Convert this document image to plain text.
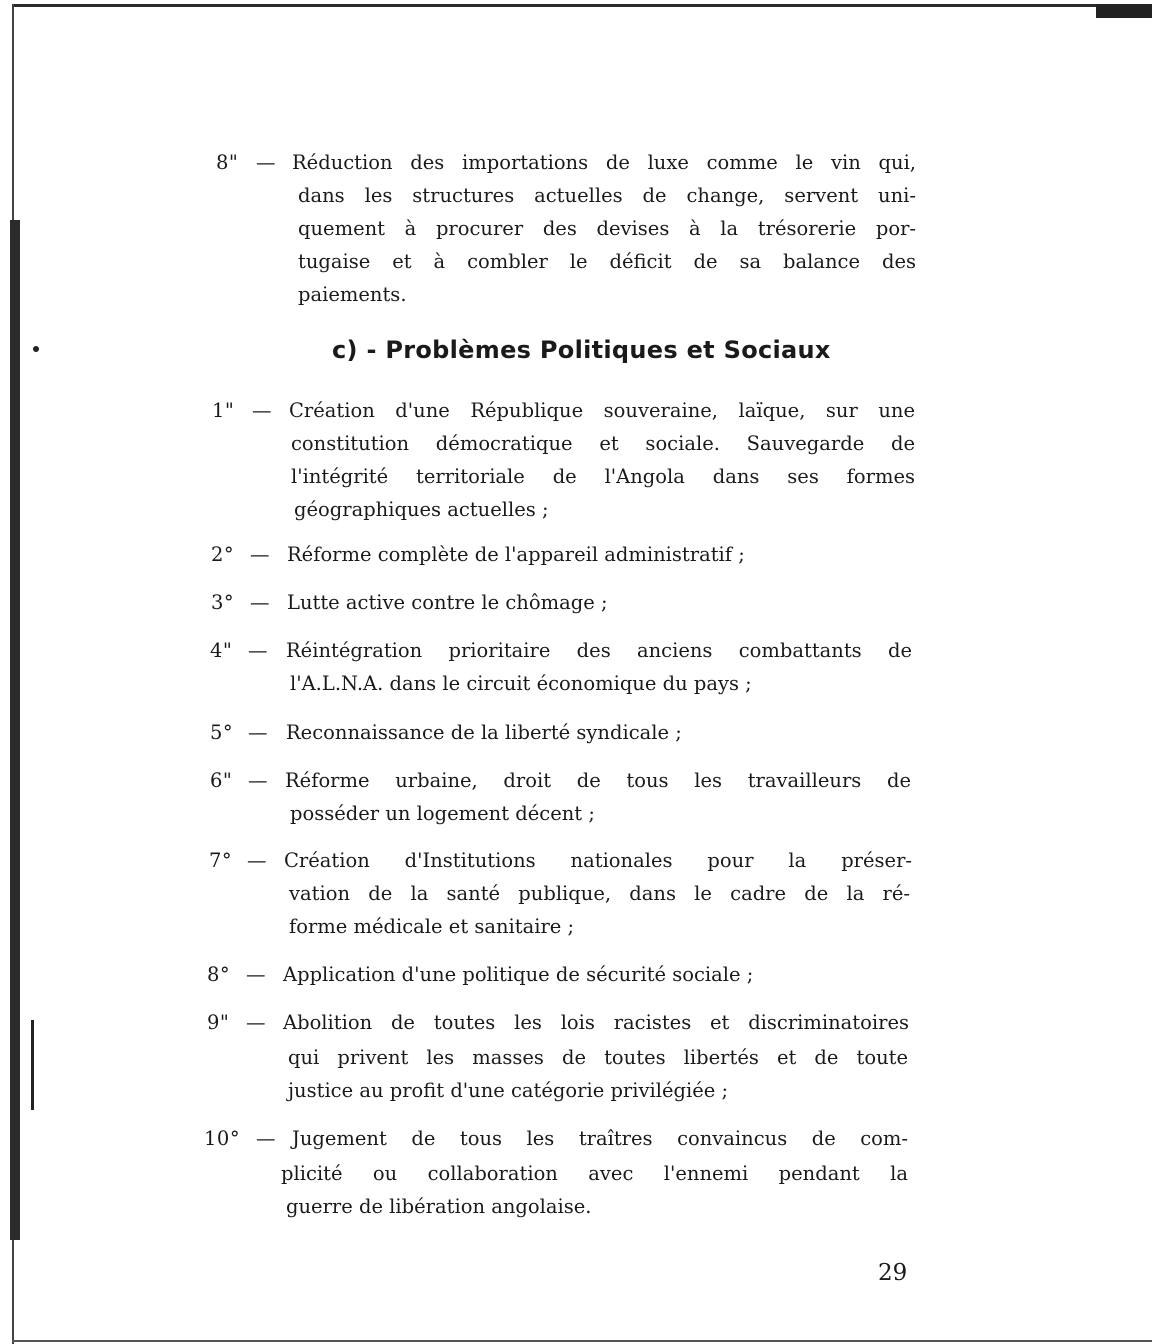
8" — Réduction des importations de luxe comme le vin qui,
dans les structures actuelles de change, servent uni-
quement à procurer des devises à la trésorerie por-
tugaise et à combler le déficit de sa balance des
paiements.
c) - Problèmes Politiques et Sociaux
1" — Création d'une République souveraine, laïque, sur une
constitution démocratique et sociale. Sauvegarde de
l'intégrité territoriale de l'Angola dans ses formes
géographiques actuelles ;
2° — Réforme complète de l'appareil administratif ;
3° — Lutte active contre le chômage ;
4" — Réintégration prioritaire des anciens combattants de
l'A.L.N.A. dans le circuit économique du pays ;
5° — Reconnaissance de la liberté syndicale ;
6" — Réforme urbaine, droit de tous les travailleurs de
posséder un logement décent ;
7° — Création d'Institutions nationales pour la préser-
vation de la santé publique, dans le cadre de la ré-
forme médicale et sanitaire ;
8° — Application d'une politique de sécurité sociale ;
9" — Abolition de toutes les lois racistes et discriminatoires
qui privent les masses de toutes libertés et de toute
justice au profit d'une catégorie privilégiée ;
10° — Jugement de tous les traîtres convaincus de com-
plicité ou collaboration avec l'ennemi pendant la
guerre de libération angolaise.
29
